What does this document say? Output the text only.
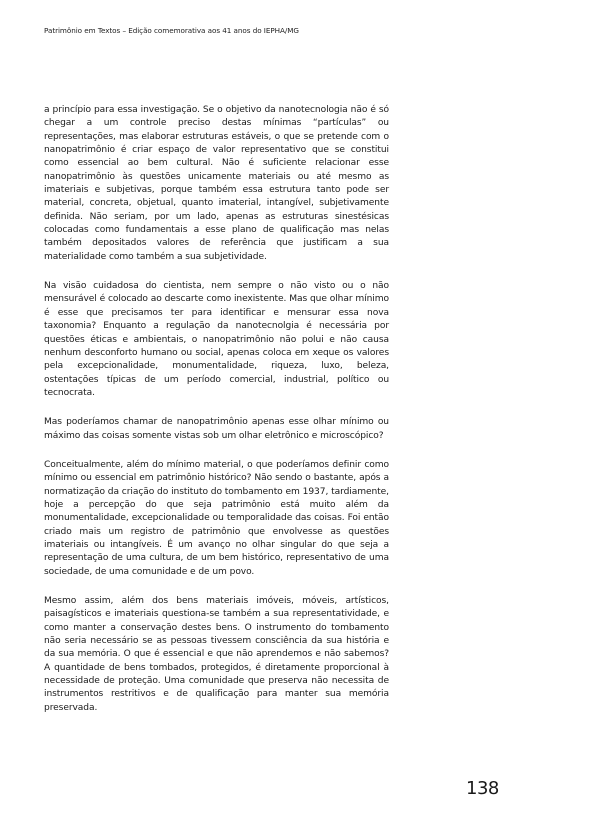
Patrimônio em Textos – Edição comemorativa aos 41 anos do IEPHA/MG

a princípio para essa investigação. Se o objetivo da nanotecnologia não é só chegar a um controle preciso destas mínimas “partículas” ou representações, mas elaborar estruturas estáveis, o que se pretende com o nanopatrimônio é criar espaço de valor representativo que se constitui como essencial ao bem cultural. Não é suficiente relacionar esse nanopatrimônio às questões unicamente materiais ou até mesmo as imateriais e subjetivas, porque também essa estrutura tanto pode ser material, concreta, objetual, quanto imaterial, intangível, subjetivamente definida. Não seriam, por um lado, apenas as estruturas sinestésicas colocadas como fundamentais a esse plano de qualificação mas nelas também depositados valores de referência que justificam a sua materialidade como também a sua subjetividade.

Na visão cuidadosa do cientista, nem sempre o não visto ou o não mensurável é colocado ao descarte como inexistente. Mas que olhar mínimo é esse que precisamos ter para identificar e mensurar essa nova taxonomia? Enquanto a regulação da nanotecnolgia é necessária por questões éticas e ambientais, o nanopatrimônio não polui e não causa nenhum desconforto humano ou social, apenas coloca em xeque os valores pela excepcionalidade, monumentalidade, riqueza, luxo, beleza, ostentações típicas de um período comercial, industrial, político ou tecnocrata.

Mas poderíamos chamar de nanopatrimônio apenas esse olhar mínimo ou máximo das coisas somente vistas sob um olhar eletrônico e microscópico?

Conceitualmente, além do mínimo material, o que poderíamos definir como mínimo ou essencial em patrimônio histórico? Não sendo o bastante, após a normatização da criação do instituto do tombamento em 1937, tardiamente, hoje a percepção do que seja patrimônio está muito além da monumentalidade, excepcionalidade ou temporalidade das coisas. Foi então criado mais um registro de patrimônio que envolvesse as questões imateriais ou intangíveis. É um avanço no olhar singular do que seja a representação de uma cultura, de um bem histórico, representativo de uma sociedade, de uma comunidade e de um povo.

Mesmo assim, além dos bens materiais imóveis, móveis, artísticos, paisagísticos e imateriais questiona-se também a sua representatividade, e como manter a conservação destes bens. O instrumento do tombamento não seria necessário se as pessoas tivessem consciência da sua história e da sua memória. O que é essencial e que não aprendemos e não sabemos? A quantidade de bens tombados, protegidos, é diretamente proporcional à necessidade de proteção. Uma comunidade que preserva não necessita de instrumentos restritivos e de qualificação para manter sua memória preservada.

138
